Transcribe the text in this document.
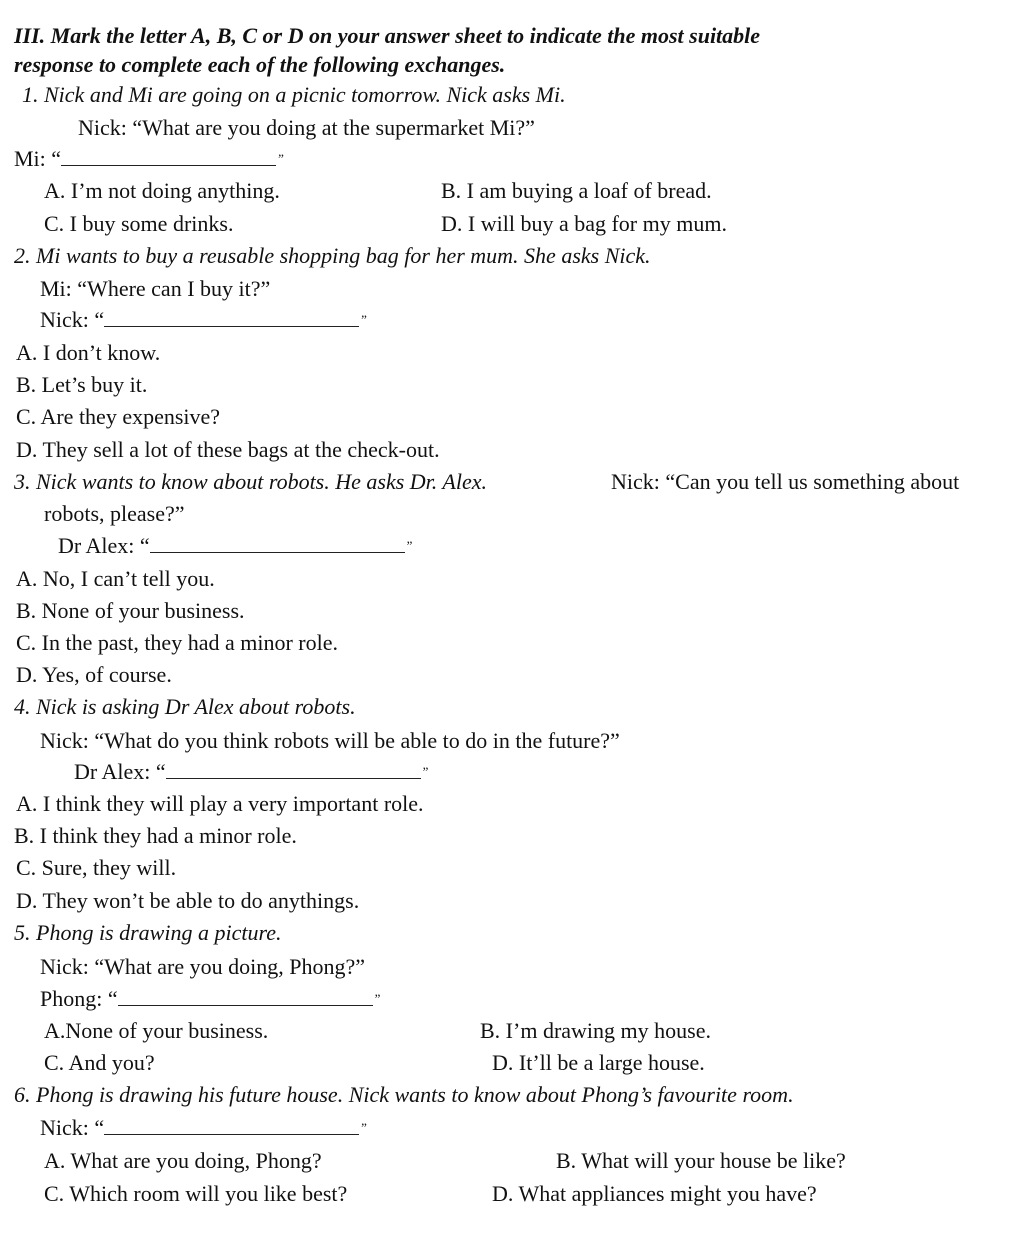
III. Mark the letter A, B, C or D on your answer sheet to indicate the most suitable
response to complete each of the following exchanges.
1. Nick and Mi are going on a picnic tomorrow. Nick asks Mi.
Nick: “What are you doing at the supermarket Mi?”
Mi: “	”
A. I’m not doing anything.	B. I am buying a loaf of bread.
C. I buy some drinks.	D. I will buy a bag for my mum.
2. Mi wants to buy a reusable shopping bag for her mum. She asks Nick.
Mi: “Where can I buy it?”
Nick: “	”
A. I don’t know.
B. Let’s buy it.
C. Are they expensive?
D. They sell a lot of these bags at the check-out.
3. Nick wants to know about robots. He asks Dr. Alex.	Nick: “Can you tell us something about
robots, please?”
Dr Alex: “	”
A. No, I can’t tell you.
B. None of your business.
C. In the past, they had a minor role.
D. Yes, of course.
4. Nick is asking Dr Alex about robots.
Nick: “What do you think robots will be able to do in the future?”
Dr Alex: “	”
A. I think they will play a very important role.
B. I think they had a minor role.
C. Sure, they will.
D. They won’t be able to do anythings.
5. Phong is drawing a picture.
Nick: “What are you doing, Phong?”
Phong: “	”
A.None of your business.	B. I’m drawing my house.
C. And you?	D. It’ll be a large house.
6. Phong is drawing his future house. Nick wants to know about Phong’s favourite room.
Nick: “	”
A. What are you doing, Phong?	B. What will your house be like?
C. Which room will you like best?	D. What appliances might you have?
